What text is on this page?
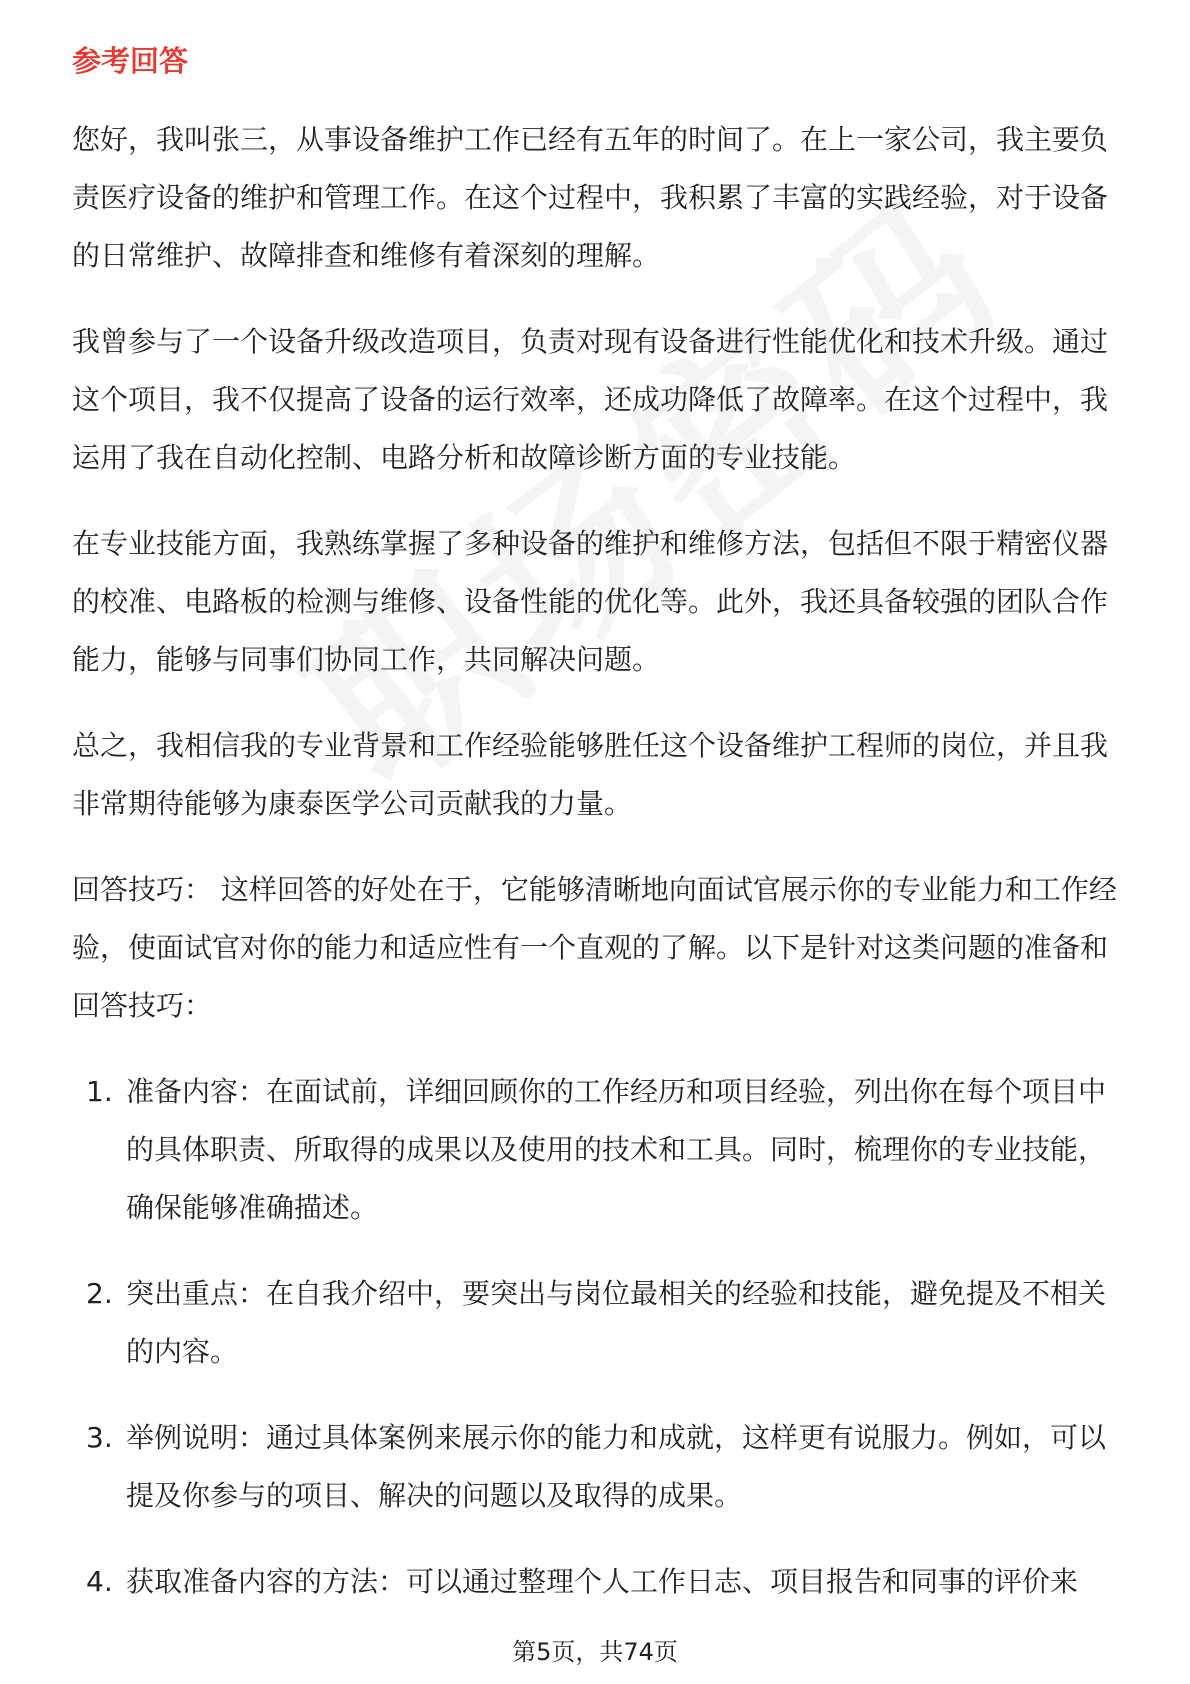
参考回答

您好，我叫张三，从事设备维护工作已经有五年的时间了。在上一家公司，我主要负责医疗设备的维护和管理工作。在这个过程中，我积累了丰富的实践经验，对于设备的日常维护、故障排查和维修有着深刻的理解。

我曾参与了一个设备升级改造项目，负责对现有设备进行性能优化和技术升级。通过这个项目，我不仅提高了设备的运行效率，还成功降低了故障率。在这个过程中，我运用了我在自动化控制、电路分析和故障诊断方面的专业技能。

在专业技能方面，我熟练掌握了多种设备的维护和维修方法，包括但不限于精密仪器的校准、电路板的检测与维修、设备性能的优化等。此外，我还具备较强的团队合作能力，能够与同事们协同工作，共同解决问题。

总之，我相信我的专业背景和工作经验能够胜任这个设备维护工程师的岗位，并且我非常期待能够为康泰医学公司贡献我的力量。

回答技巧： 这样回答的好处在于，它能够清晰地向面试官展示你的专业能力和工作经验，使面试官对你的能力和适应性有一个直观的了解。以下是针对这类问题的准备和回答技巧：

1. 准备内容：在面试前，详细回顾你的工作经历和项目经验，列出你在每个项目中的具体职责、所取得的成果以及使用的技术和工具。同时，梳理你的专业技能，确保能够准确描述。
2. 突出重点：在自我介绍中，要突出与岗位最相关的经验和技能，避免提及不相关的内容。
3. 举例说明：通过具体案例来展示你的能力和成就，这样更有说服力。例如，可以提及你参与的项目、解决的问题以及取得的成果。
4. 获取准备内容的方法：可以通过整理个人工作日志、项目报告和同事的评价来
第5页，共74页
